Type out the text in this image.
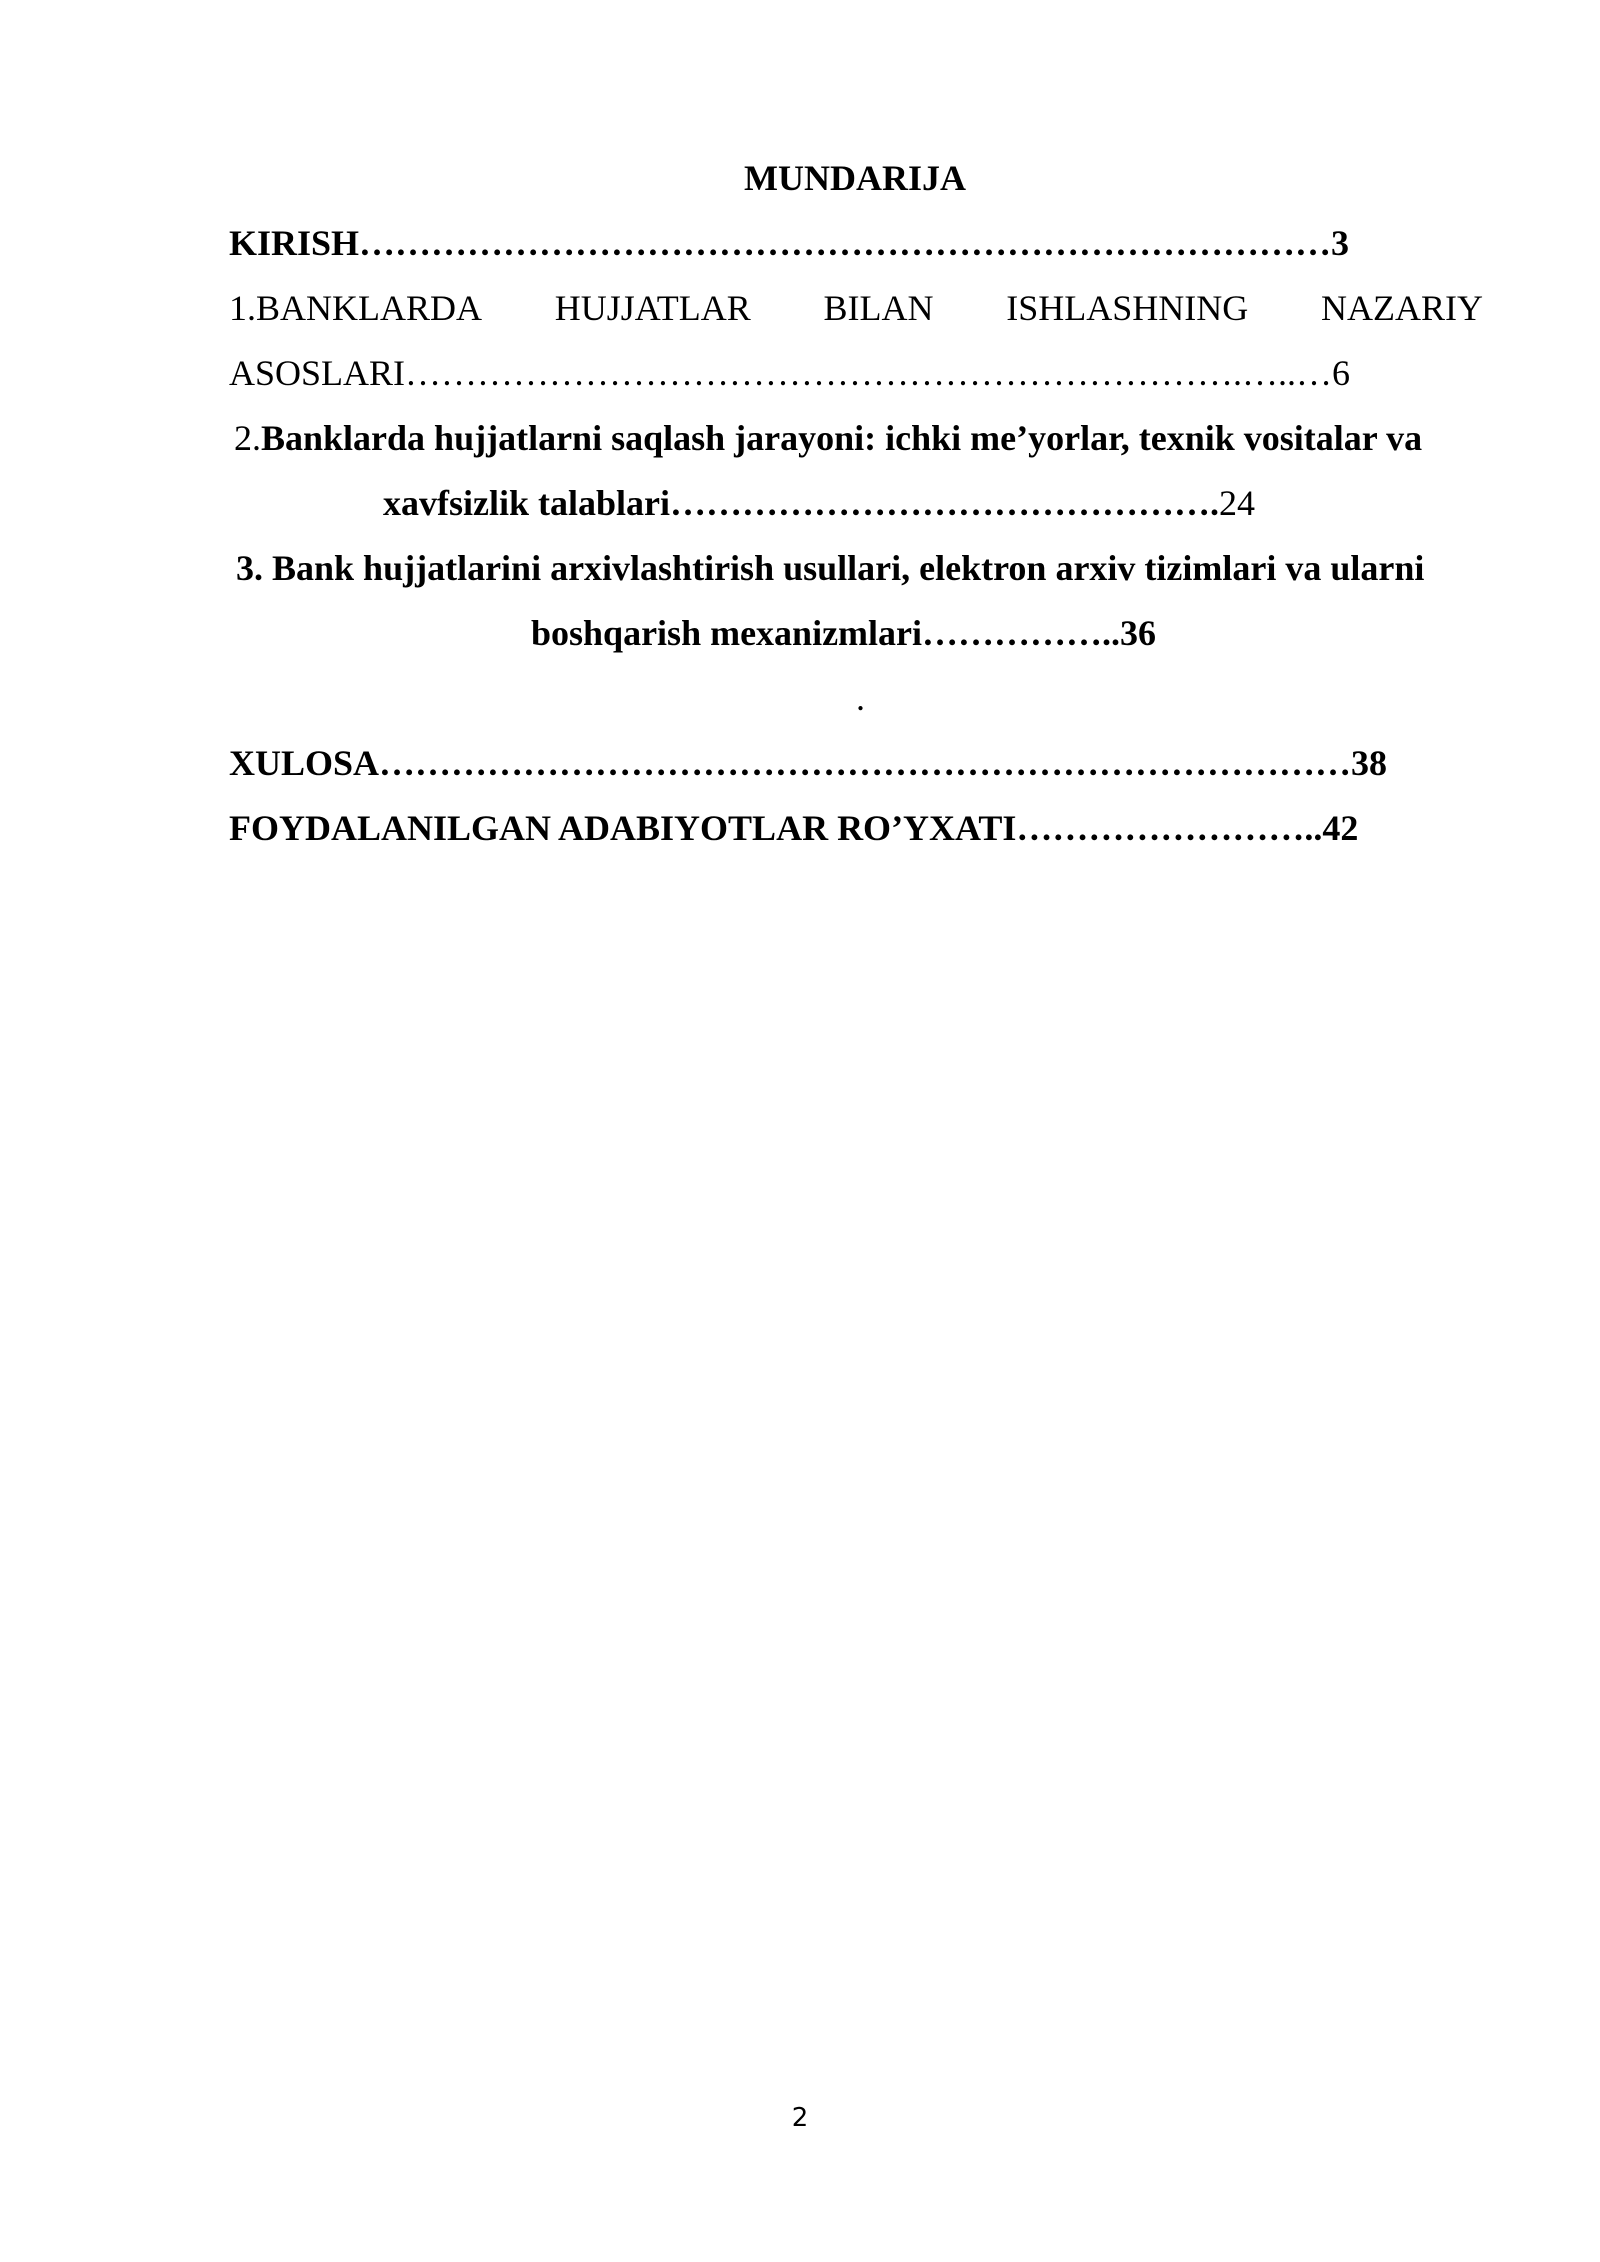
MUNDARIJA
KIRISH………………………………………………………………………3
1.BANKLARDA HUJJATLAR BILAN ISHLASHNING NAZARIY
ASOSLARI…………………………………………………………….…..…6
2.Banklarda hujjatlarni saqlash jarayoni: ichki me’yorlar, texnik vositalar va
xavfsizlik talablari……………………………………….24
3. Bank hujjatlarini arxivlashtirish usullari, elektron arxiv tizimlari va ularni
boshqarish mexanizmlari……………..36
.
XULOSA………………………………………………………………………38
FOYDALANILGAN ADABIYOTLAR RO’YXATI……………………..42
2
